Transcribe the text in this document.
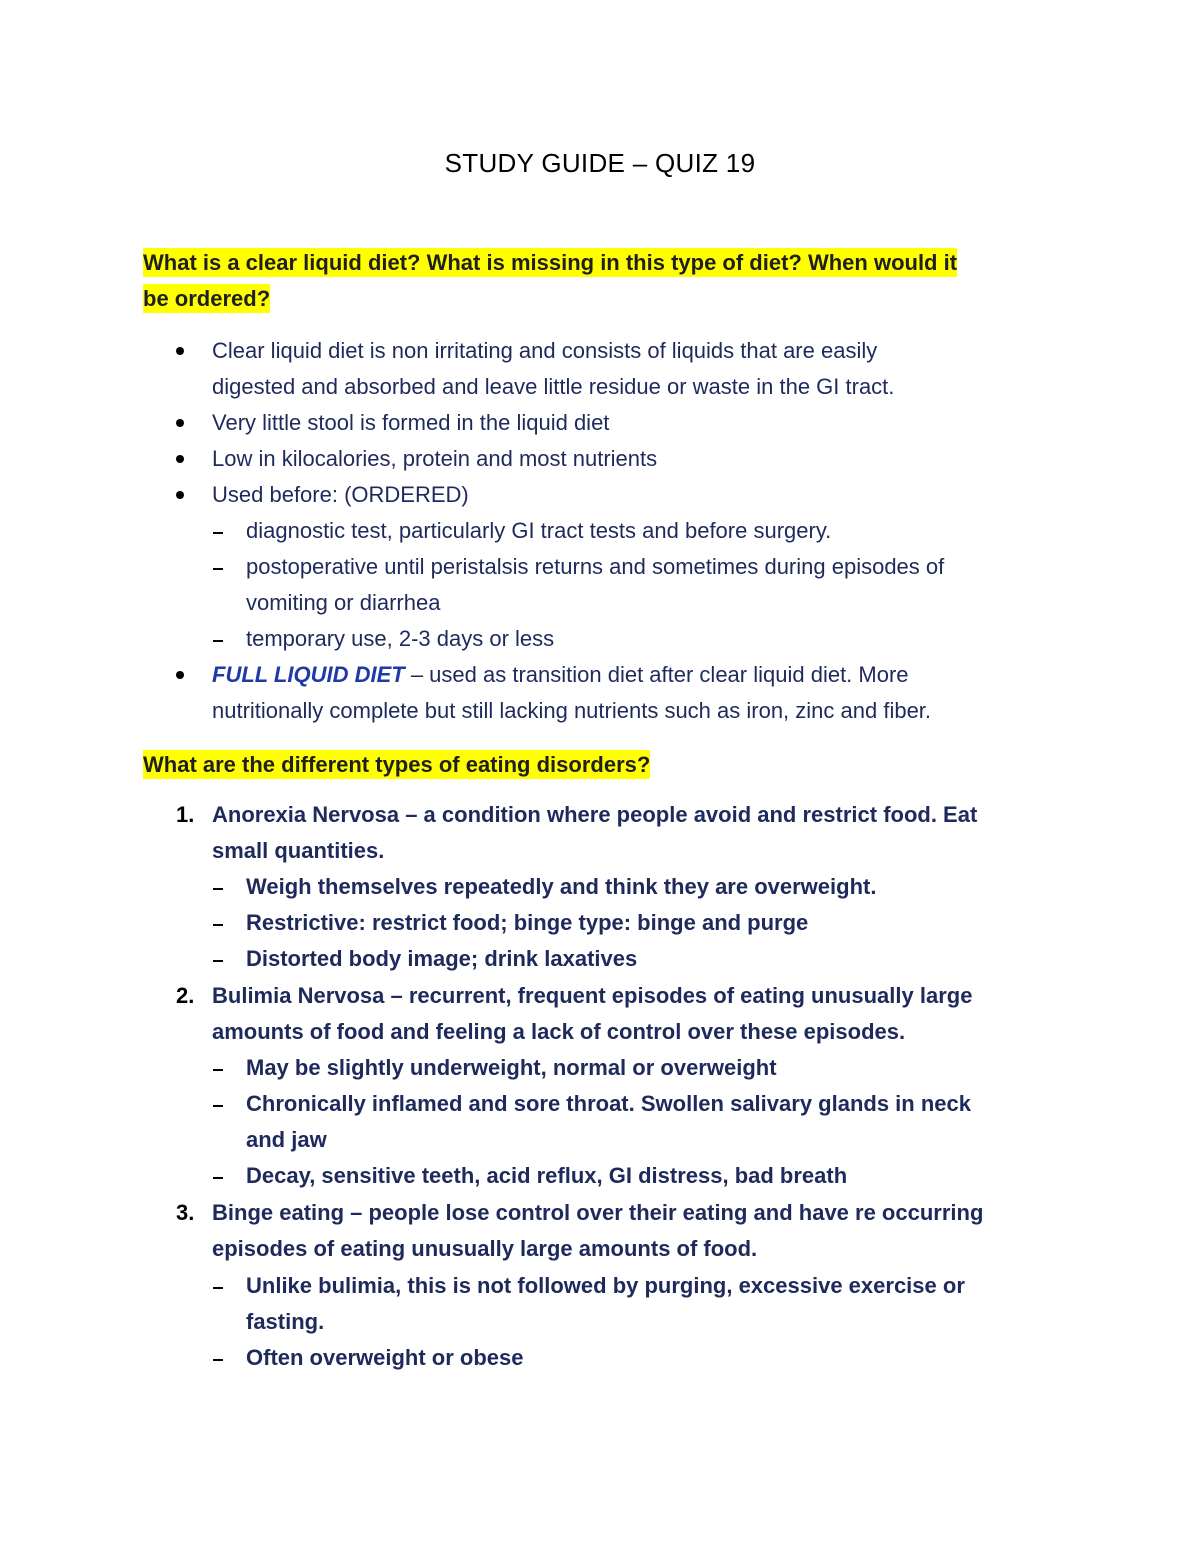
STUDY GUIDE – QUIZ 19
What is a clear liquid diet? What is missing in this type of diet? When would it
be ordered?
Clear liquid diet is non irritating and consists of liquids that are easily
digested and absorbed and leave little residue or waste in the GI tract.
Very little stool is formed in the liquid diet
Low in kilocalories, protein and most nutrients
Used before: (ORDERED)
diagnostic test, particularly GI tract tests and before surgery.
postoperative until peristalsis returns and sometimes during episodes of
vomiting or diarrhea
temporary use, 2-3 days or less
FULL LIQUID DIET – used as transition diet after clear liquid diet. More
nutritionally complete but still lacking nutrients such as iron, zinc and fiber.
What are the different types of eating disorders?
1. Anorexia Nervosa – a condition where people avoid and restrict food. Eat
small quantities.
Weigh themselves repeatedly and think they are overweight.
Restrictive: restrict food; binge type: binge and purge
Distorted body image; drink laxatives
2. Bulimia Nervosa – recurrent, frequent episodes of eating unusually large
amounts of food and feeling a lack of control over these episodes.
May be slightly underweight, normal or overweight
Chronically inflamed and sore throat. Swollen salivary glands in neck
and jaw
Decay, sensitive teeth, acid reflux, GI distress, bad breath
3. Binge eating – people lose control over their eating and have re occurring
episodes of eating unusually large amounts of food.
Unlike bulimia, this is not followed by purging, excessive exercise or
fasting.
Often overweight or obese
